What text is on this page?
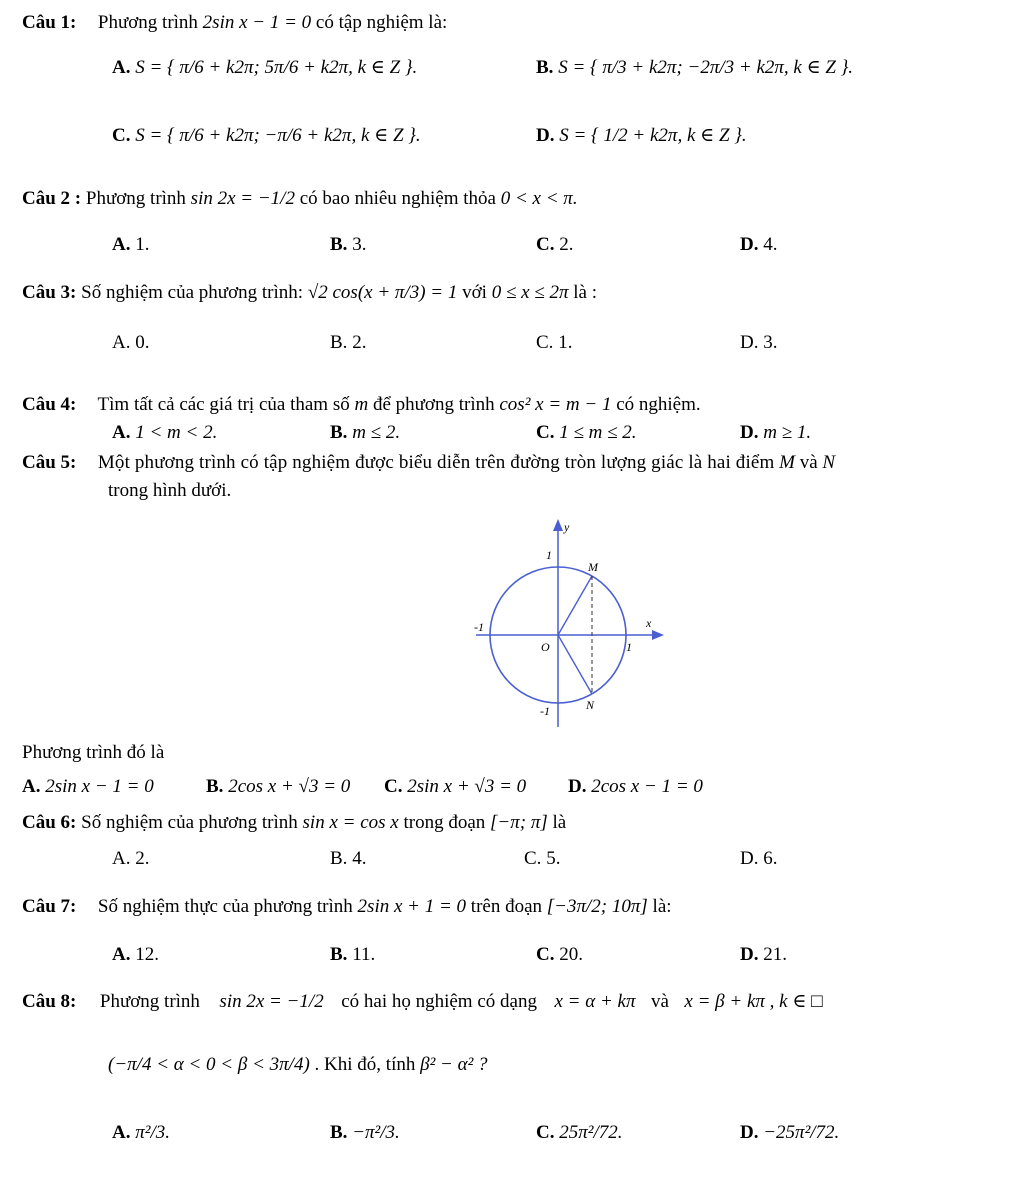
Câu 1: Phương trình 2sin x − 1 = 0 có tập nghiệm là:
A. S = { π/6 + k2π; 5π/6 + k2π, k ∈ Z }.	B. S = { π/3 + k2π; −2π/3 + k2π, k ∈ Z }.
C. S = { π/6 + k2π; −π/6 + k2π, k ∈ Z }.	D. S = { 1/2 + k2π, k ∈ Z }.
Câu 2 : Phương trình sin 2x = −1/2 có bao nhiêu nghiệm thỏa 0 < x < π.
A. 1.	B. 3.	C. 2.	D. 4.
Câu 3: Số nghiệm của phương trình: √2 cos(x + π/3) = 1 với 0 ≤ x ≤ 2π là :
A. 0.	B. 2.	C. 1.	D. 3.
Câu 4: Tìm tất cả các giá trị của tham số m để phương trình cos² x = m − 1 có nghiệm.
A. 1 < m < 2.	B. m ≤ 2.	C. 1 ≤ m ≤ 2.	D. m ≥ 1.
Câu 5: Một phương trình có tập nghiệm được biểu diễn trên đường tròn lượng giác là hai điểm M và N
trong hình dưới.
y
x
O
1
1
-1
-1
M
N
Phương trình đó là
A. 2sin x − 1 = 0	B. 2cos x + √3 = 0 C. 2sin x + √3 = 0 D. 2cos x − 1 = 0
Câu 6: Số nghiệm của phương trình sin x = cos x trong đoạn [−π; π] là
A. 2.	B. 4.	C. 5.	D. 6.
Câu 7: Số nghiệm thực của phương trình 2sin x + 1 = 0 trên đoạn [−3π/2; 10π] là:
A. 12.	B. 11.	C. 20.	D. 21.
Câu 8: Phương trình sin 2x = −1/2 có hai họ nghiệm có dạng x = α + kπ và x = β + kπ , k ∈ □
(−π/4 < α < 0 < β < 3π/4) . Khi đó, tính β² − α² ?
A. π²/3.	B. −π²/3.	C. 25π²/72.	D. −25π²/72.
